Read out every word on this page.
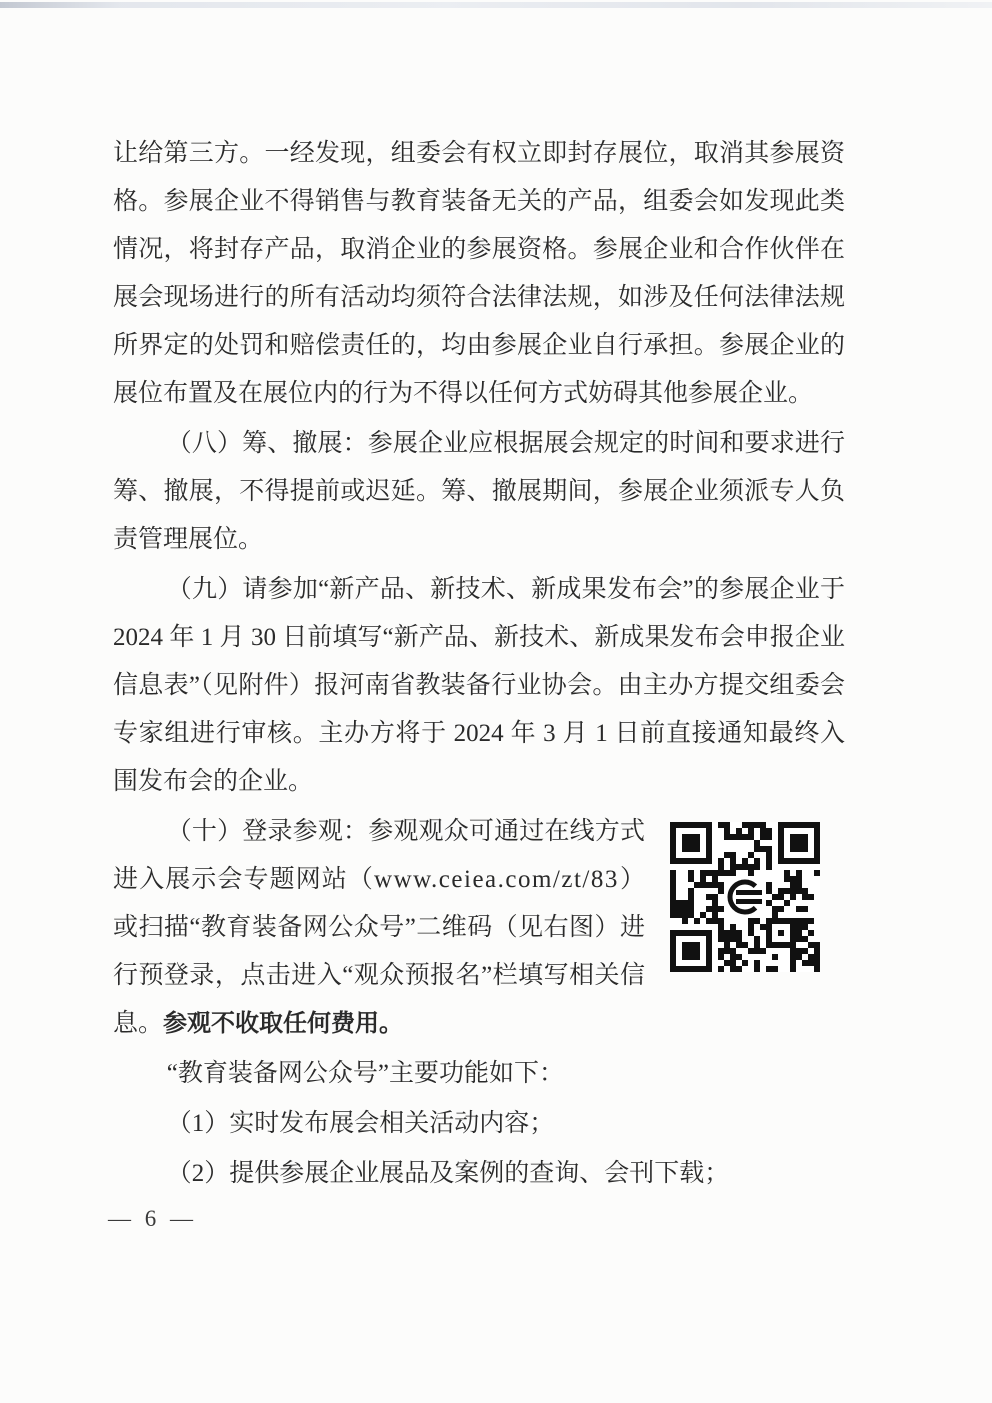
让给第三方。一经发现，组委会有权立即封存展位，取消其参展资格。参展企业不得销售与教育装备无关的产品，组委会如发现此类情况，将封存产品，取消企业的参展资格。参展企业和合作伙伴在展会现场进行的所有活动均须符合法律法规，如涉及任何法律法规所界定的处罚和赔偿责任的，均由参展企业自行承担。参展企业的展位布置及在展位内的行为不得以任何方式妨碍其他参展企业。

（八）筹、撤展：参展企业应根据展会规定的时间和要求进行筹、撤展，不得提前或迟延。筹、撤展期间，参展企业须派专人负责管理展位。

（九）请参加“新产品、新技术、新成果发布会”的参展企业于 2024 年 1 月 30 日前填写“新产品、新技术、新成果发布会申报企业信息表”（见附件）报河南省教装备行业协会。由主办方提交组委会专家组进行审核。主办方将于 2024 年 3 月 1 日前直接通知最终入围发布会的企业。

（十）登录参观：参观观众可通过在线方式进入展示会专题网站（www.ceiea.com/zt/83）或扫描“教育装备网公众号”二维码（见右图）进行预登录，点击进入“观众预报名”栏填写相关信息。参观不收取任何费用。

“教育装备网公众号”主要功能如下：

（1）实时发布展会相关活动内容；

（2）提供参展企业展品及案例的查询、会刊下载；

— 6 —
